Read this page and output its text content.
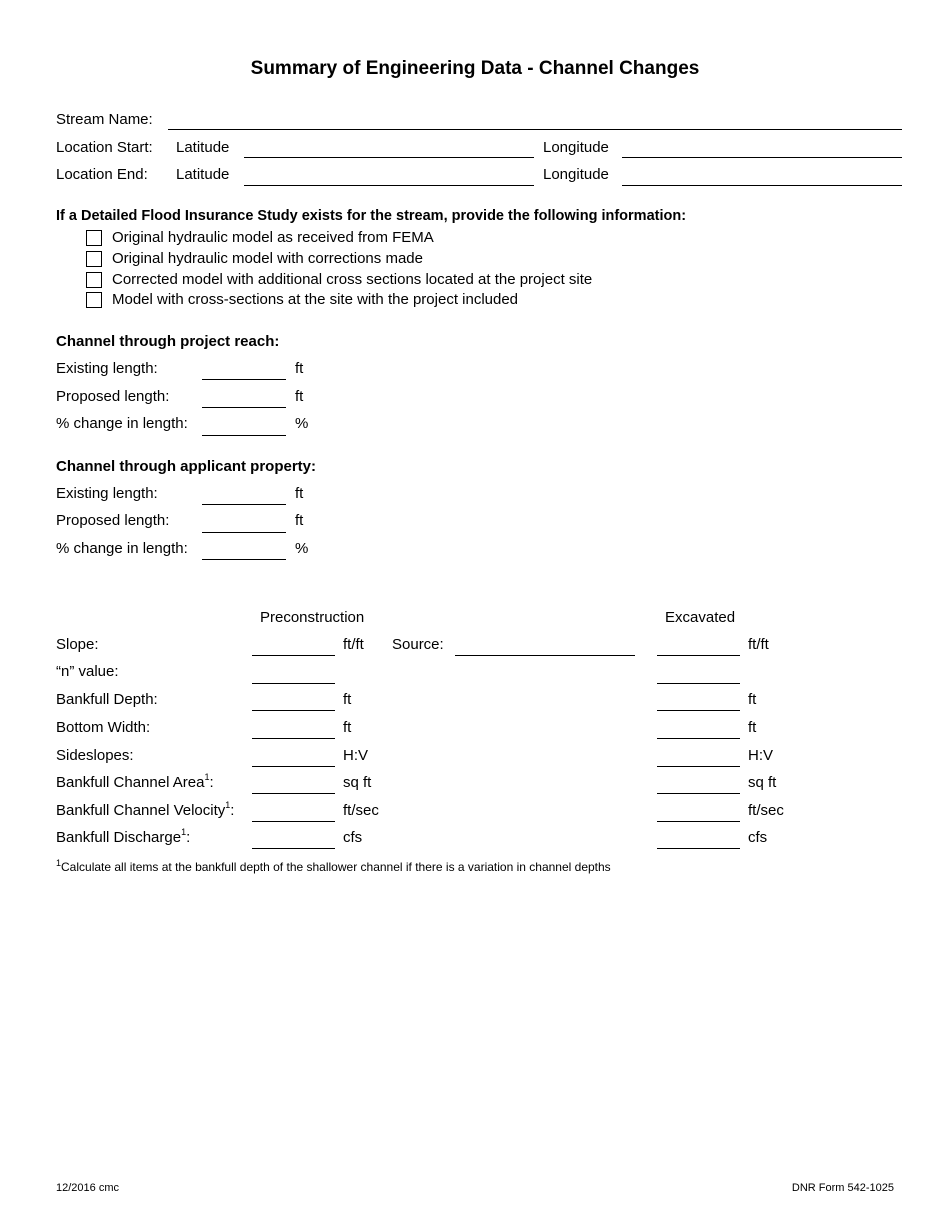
Summary of Engineering Data - Channel Changes
Stream Name:
Location Start: Latitude	Longitude
Location End: Latitude	Longitude
If a Detailed Flood Insurance Study exists for the stream, provide the following information:
Original hydraulic model as received from FEMA
Original hydraulic model with corrections made
Corrected model with additional cross sections located at the project site
Model with cross-sections at the site with the project included
Channel through project reach:
Existing length:	ft
Proposed length:	ft
% change in length:	%
Channel through applicant property:
Existing length:	ft
Proposed length:	ft
% change in length:	%
Preconstruction	Excavated
Slope:	ft/ft Source:	ft/ft
“n” value:
Bankfull Depth:	ft	ft
Bottom Width:	ft	ft
Sideslopes:	H:V	H:V
Bankfull Channel Area$^1$:	sq ft	sq ft
Bankfull Channel Velocity$^1$:	ft/sec	ft/sec
Bankfull Discharge$^1$:	cfs	cfs
$^1$Calculate all items at the bankfull depth of the shallower channel if there is a variation in channel depths
12/2016 cmc	DNR Form 542-1025
